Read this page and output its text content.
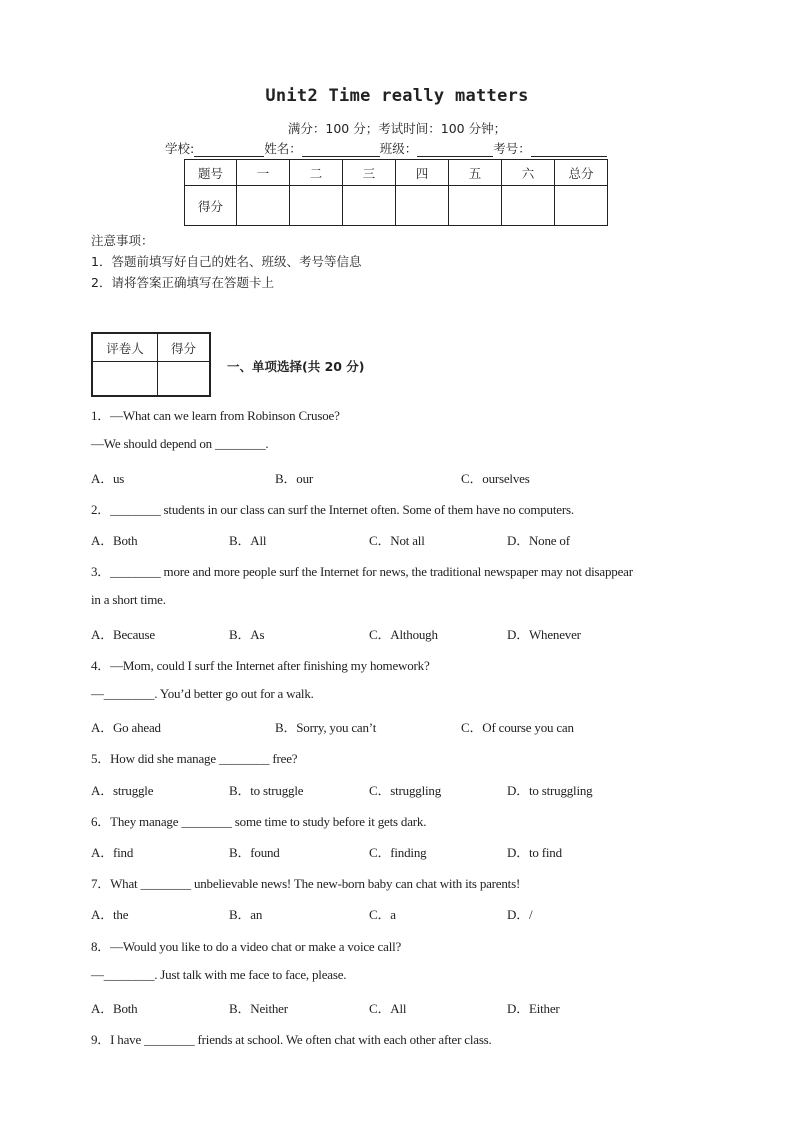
Unit2 Time really matters
满分：100 分；考试时间：100 分钟；
学校:	姓名：	班级：	考号：
题号	一	二	三	四	五	六	总分
得分							
注意事项：
1．答题前填写好自己的姓名、班级、考号等信息
2．请将答案正确填写在答题卡上
评卷人	得分

一、单项选择(共 20 分)
1．—What can we learn from Robinson Crusoe?
—We should depend on ________.
A．us	B．our	C．ourselves
2．________ students in our class can surf the Internet often. Some of them have no computers.
A．Both	B．All	C．Not all	D．None of
3．________ more and more people surf the Internet for news, the traditional newspaper may not disappear
in a short time.
A．Because	B．As	C．Although	D．Whenever
4．—Mom, could I surf the Internet after finishing my homework?
—________. You’d better go out for a walk.
A．Go ahead	B．Sorry, you can’t	C．Of course you can
5．How did she manage ________ free?
A．struggle	B．to struggle	C．struggling	D．to struggling
6．They manage ________ some time to study before it gets dark.
A．find	B．found	C．finding	D．to find
7．What ________ unbelievable news! The new-born baby can chat with its parents!
A．the	B．an	C．a	D．/
8．—Would you like to do a video chat or make a voice call?
—________. Just talk with me face to face, please.
A．Both	B．Neither	C．All	D．Either
9．I have ________ friends at school. We often chat with each other after class.
